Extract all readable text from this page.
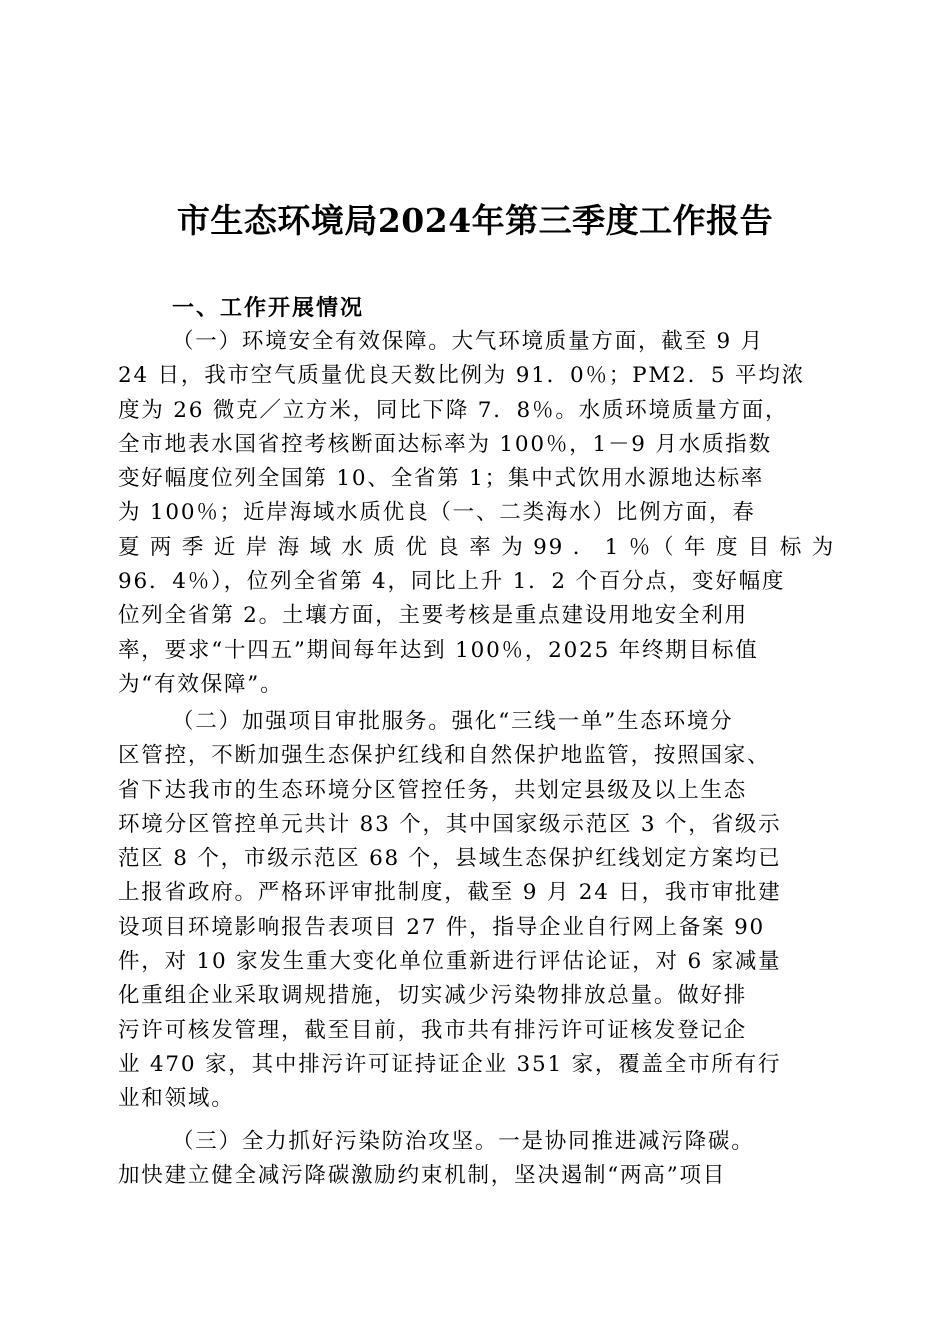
市生态环境局2024年第三季度工作报告
一、工作开展情况
（一）环境安全有效保障。大气环境质量方面，截至 9 月
24 日，我市空气质量优良天数比例为 91．0％；PM2．5 平均浓
度为 26 微克／立方米，同比下降 7．8％。水质环境质量方面，
全市地表水国省控考核断面达标率为 100％，1－9 月水质指数
变好幅度位列全国第 10、全省第 1；集中式饮用水源地达标率
为 100％；近岸海域水质优良（一、二类海水）比例方面，春
夏 两 季 近 岸 海 域 水 质 优 良 率 为 99 ． 1 ％（ 年 度 目 标 为
96．4％），位列全省第 4，同比上升 1．2 个百分点，变好幅度
位列全省第 2。土壤方面，主要考核是重点建设用地安全利用
率，要求“十四五”期间每年达到 100％，2025 年终期目标值
为“有效保障”。
（二）加强项目审批服务。强化“三线一单”生态环境分
区管控，不断加强生态保护红线和自然保护地监管，按照国家、
省下达我市的生态环境分区管控任务，共划定县级及以上生态
环境分区管控单元共计 83 个，其中国家级示范区 3 个，省级示
范区 8 个，市级示范区 68 个，县域生态保护红线划定方案均已
上报省政府。严格环评审批制度，截至 9 月 24 日，我市审批建
设项目环境影响报告表项目 27 件，指导企业自行网上备案 90
件，对 10 家发生重大变化单位重新进行评估论证，对 6 家减量
化重组企业采取调规措施，切实减少污染物排放总量。做好排
污许可核发管理，截至目前，我市共有排污许可证核发登记企
业 470 家，其中排污许可证持证企业 351 家，覆盖全市所有行
业和领域。
（三）全力抓好污染防治攻坚。一是协同推进减污降碳。
加快建立健全减污降碳激励约束机制，坚决遏制“两高”项目
